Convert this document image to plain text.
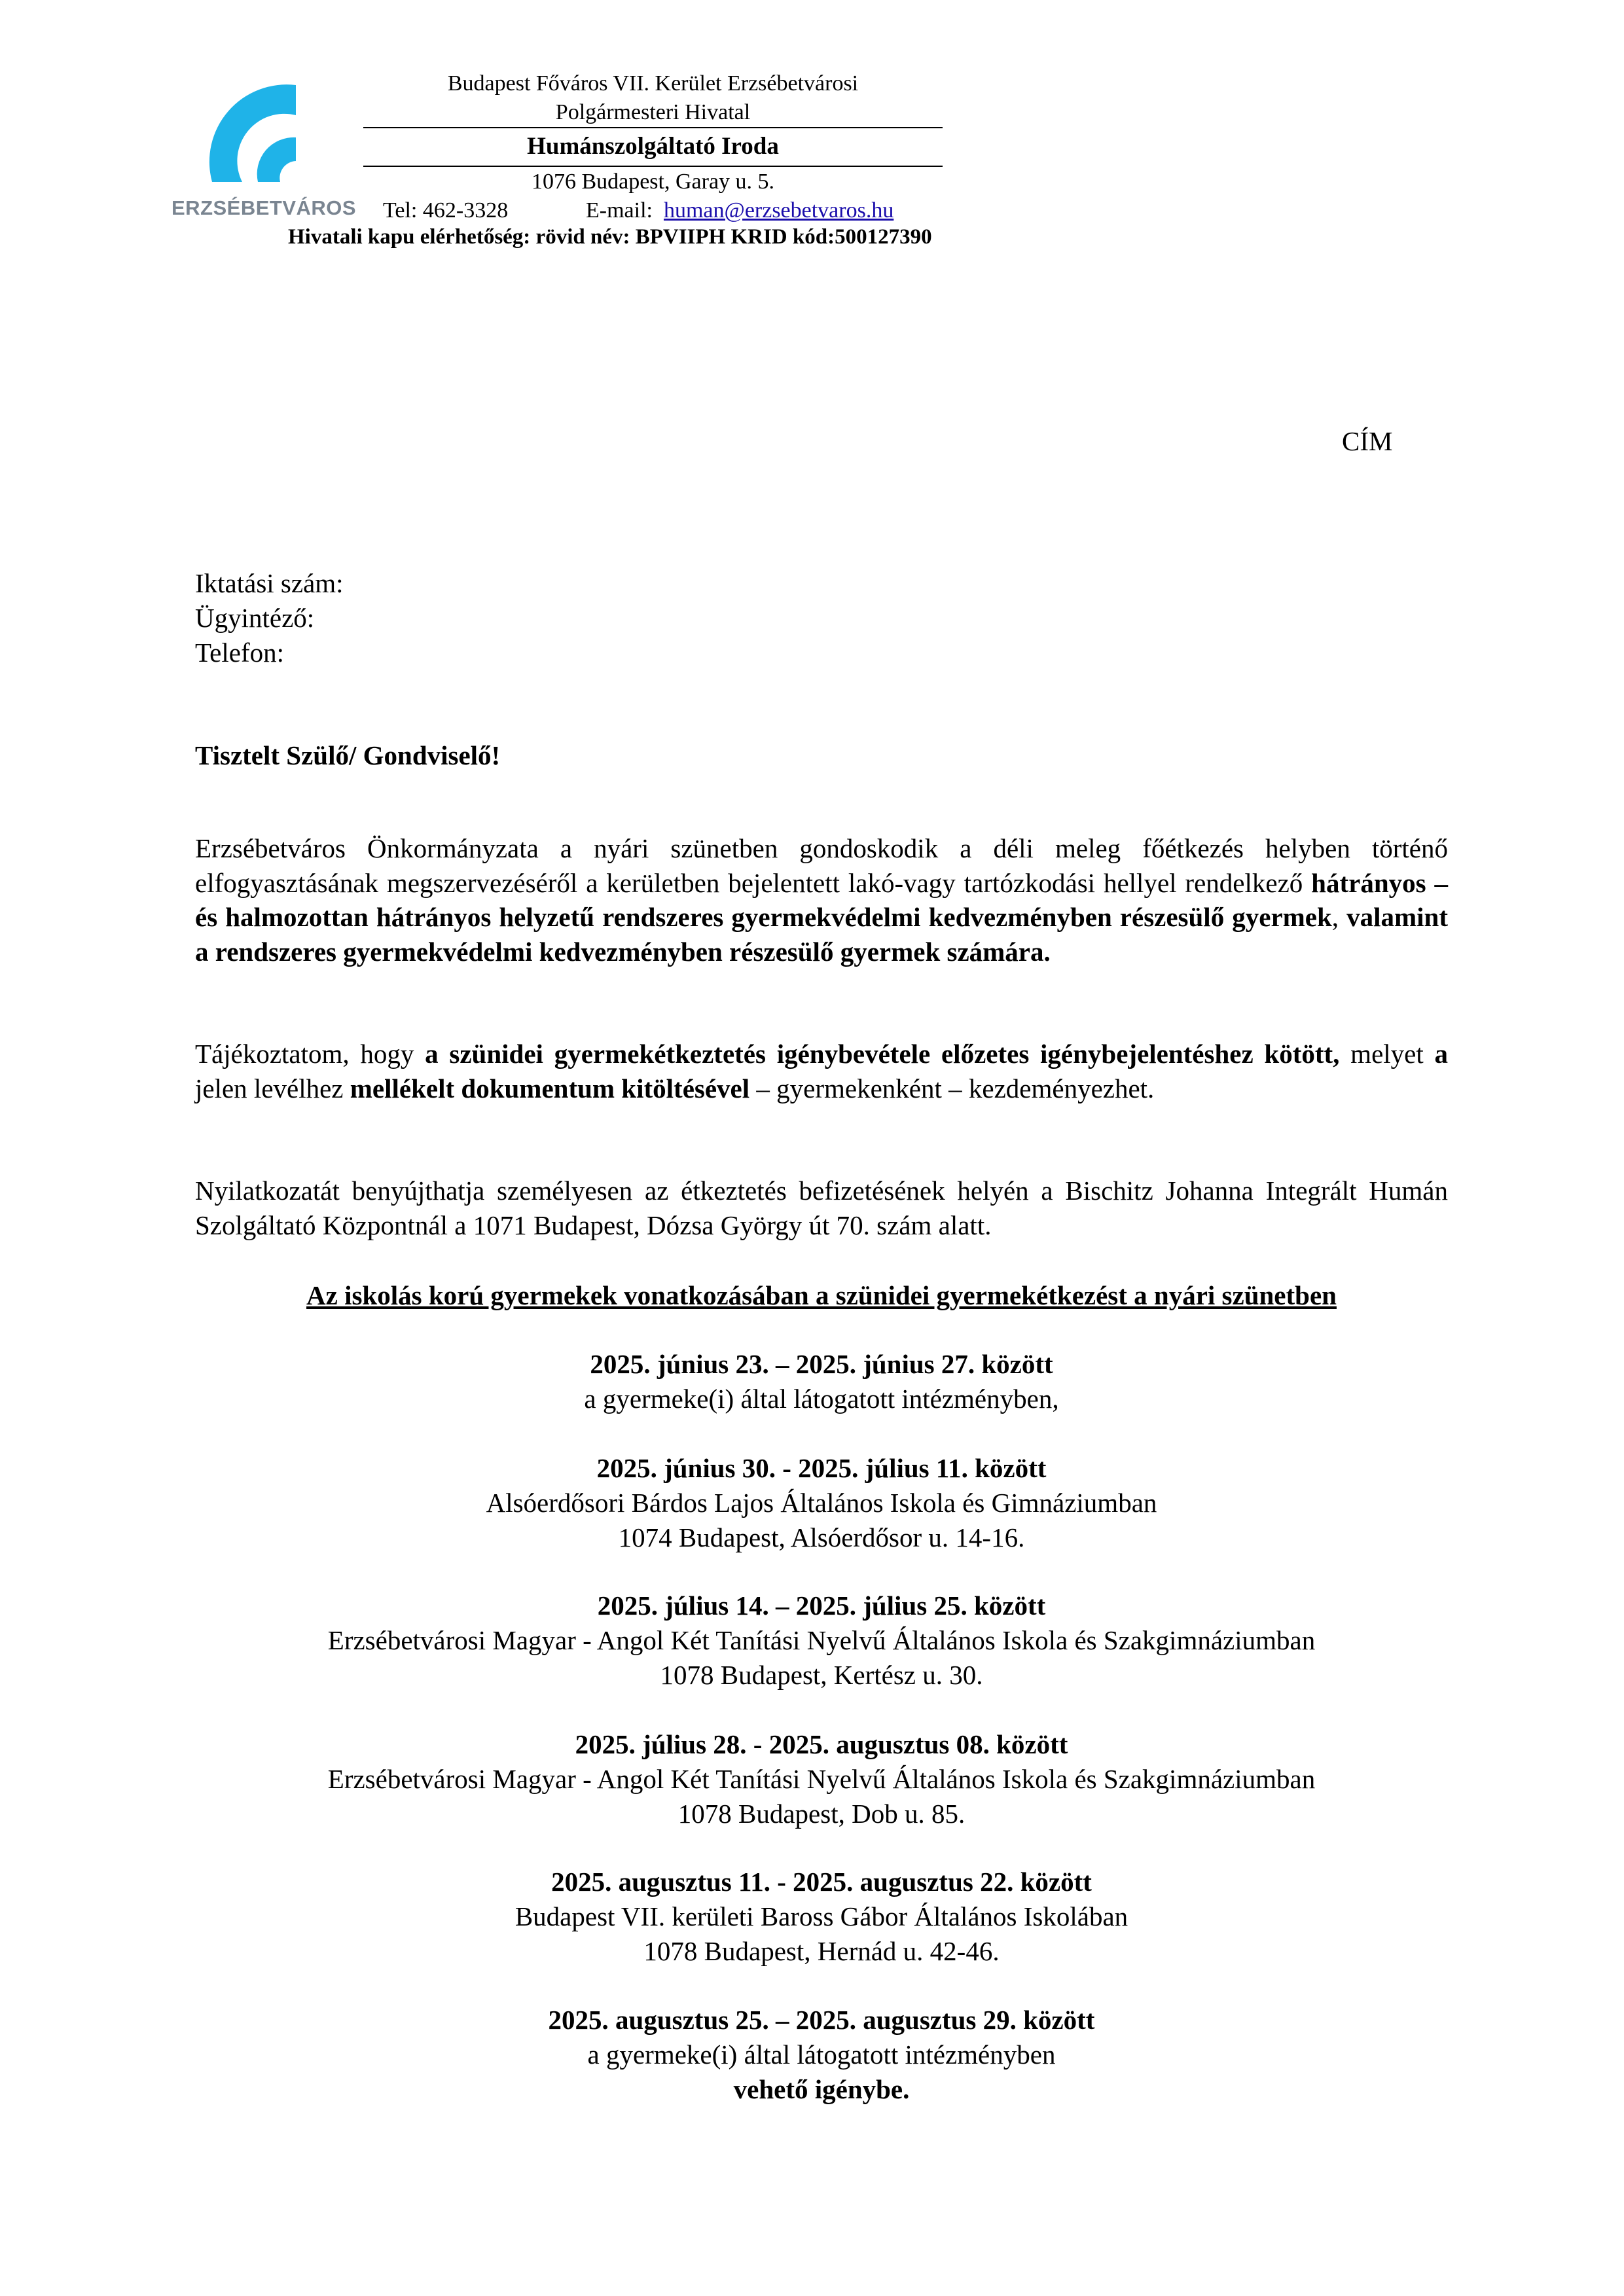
ERZSÉBETVÁROS
Budapest Főváros VII. Kerület Erzsébetvárosi
Polgármesteri Hivatal
Humánszolgáltató Iroda
1076 Budapest, Garay u. 5.
Tel: 462-3328	E-mail: human@erzsebetvaros.hu
Hivatali kapu elérhetőség: rövid név: BPVIIPH KRID kód:500127390
CÍM
Iktatási szám:
Ügyintéző:
Telefon:
Tisztelt Szülő/ Gondviselő!
Erzsébetváros Önkormányzata a nyári szünetben gondoskodik a déli meleg főétkezés helyben történő elfogyasztásának megszervezéséről a kerületben bejelentett lakó-vagy tartózkodási hellyel rendelkező hátrányos –és halmozottan hátrányos helyzetű rendszeres gyermekvédelmi kedvezményben részesülő gyermek, valamint a rendszeres gyermekvédelmi kedvezményben részesülő gyermek számára.
Tájékoztatom, hogy a szünidei gyermekétkeztetés igénybevétele előzetes igénybejelentéshez kötött, melyet a jelen levélhez mellékelt dokumentum kitöltésével – gyermekenként – kezdeményezhet.
Nyilatkozatát benyújthatja személyesen az étkeztetés befizetésének helyén a Bischitz Johanna Integrált Humán Szolgáltató Központnál a 1071 Budapest, Dózsa György út 70. szám alatt.
Az iskolás korú gyermekek vonatkozásában a szünidei gyermekétkezést a nyári szünetben
2025. június 23. – 2025. június 27. között
a gyermeke(i) által látogatott intézményben,
2025. június 30. - 2025. július 11. között
Alsóerdősori Bárdos Lajos Általános Iskola és Gimnáziumban
1074 Budapest, Alsóerdősor u. 14-16.
2025. július 14. – 2025. július 25. között
Erzsébetvárosi Magyar - Angol Két Tanítási Nyelvű Általános Iskola és Szakgimnáziumban
1078 Budapest, Kertész u. 30.
2025. július 28. - 2025. augusztus 08. között
Erzsébetvárosi Magyar - Angol Két Tanítási Nyelvű Általános Iskola és Szakgimnáziumban
1078 Budapest, Dob u. 85.
2025. augusztus 11. - 2025. augusztus 22. között
Budapest VII. kerületi Baross Gábor Általános Iskolában
1078 Budapest, Hernád u. 42-46.
2025. augusztus 25. – 2025. augusztus 29. között
a gyermeke(i) által látogatott intézményben
vehető igénybe.
